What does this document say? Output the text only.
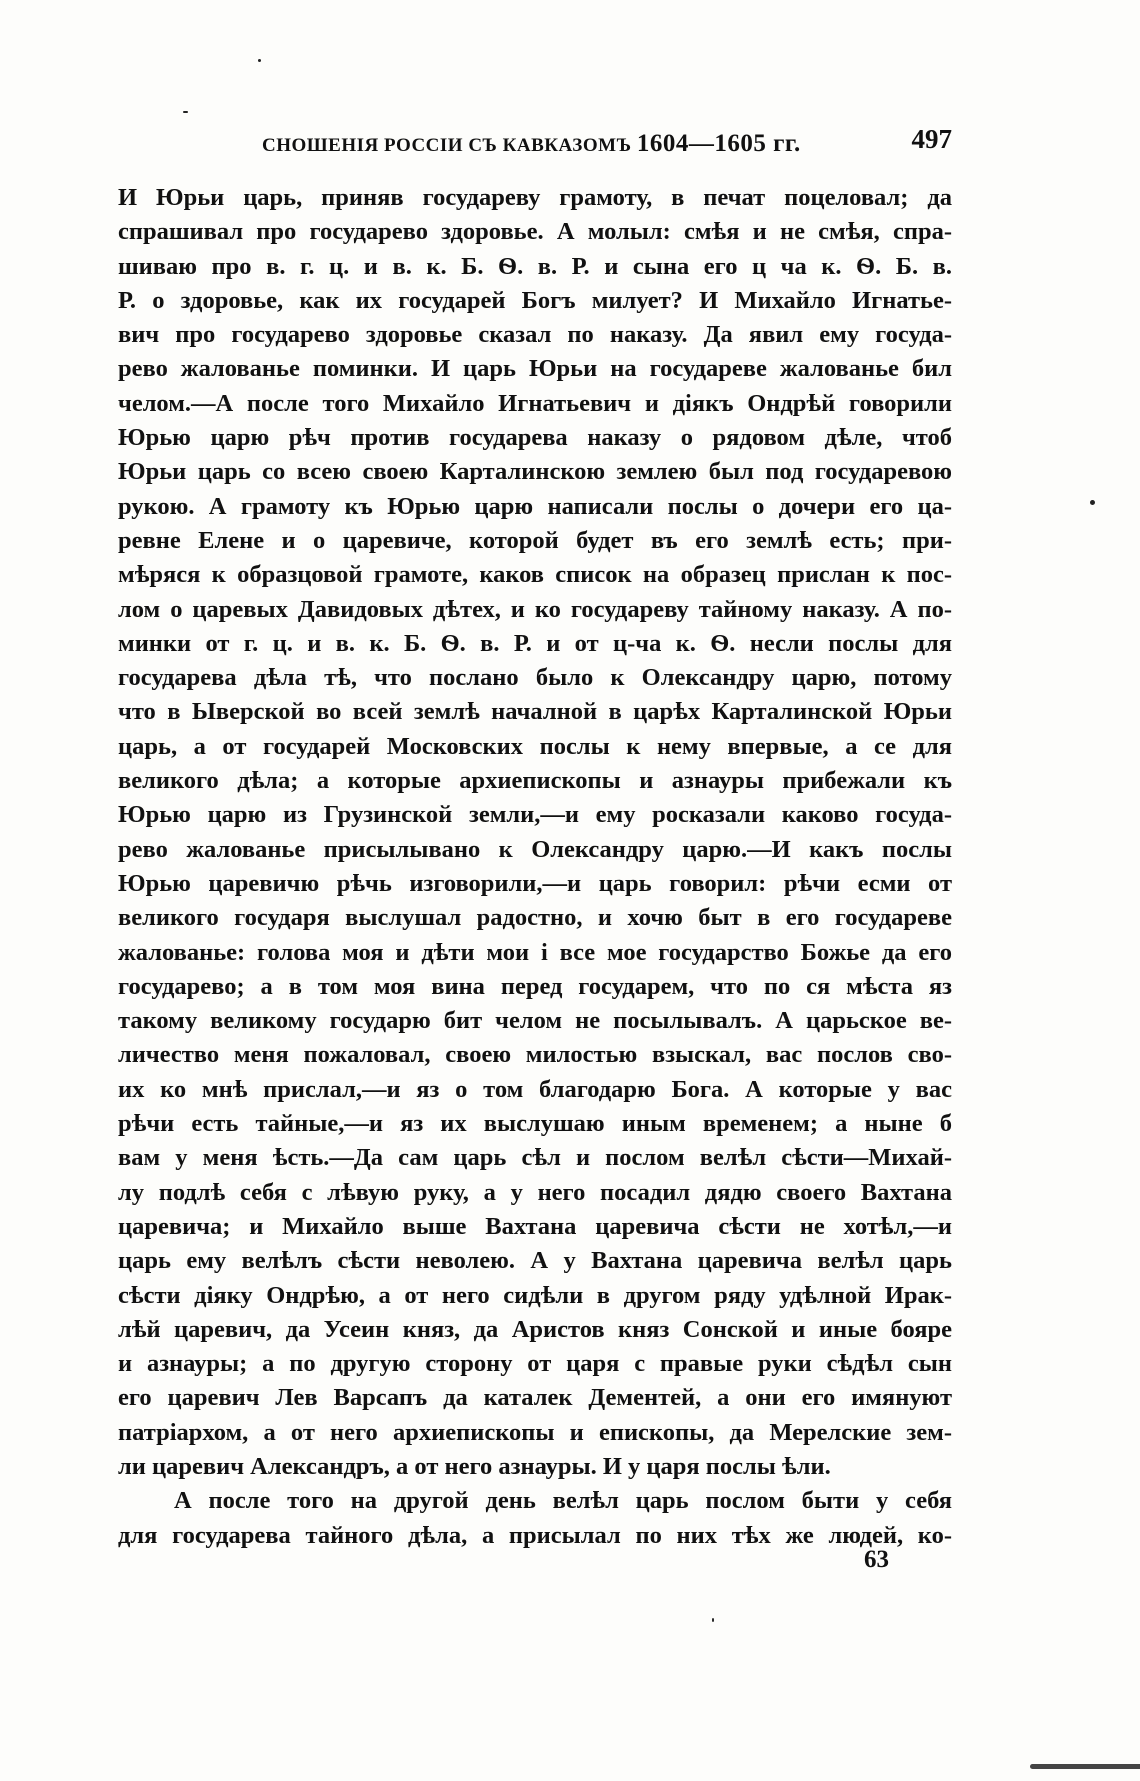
СНОШЕНІЯ РОССІИ СЪ КАВКАЗОМЪ 1604—1605 гг.	497
И Юрьи царь, приняв государеву грамоту, в печат поцеловал; да
спрашивал про государево здоровье. А молыл: смѣя и не смѣя, спра-
шиваю про в. г. ц. и в. к. Б. Ѳ. в. Р. и сына его ц ча к. Ѳ. Б. в.
Р. о здоровье, как их государей Богъ милует? И Михайло Игнатье-
вич про государево здоровье сказал по наказу. Да явил ему госуда-
рево жалованье поминки. И царь Юрьи на государеве жалованье бил
челом.—А после того Михайло Игнатьевич и діякъ Ондрѣй говорили
Юрью царю рѣч против государева наказу о рядовом дѣле, чтоб
Юрьи царь со всею своею Карталинскою землею был под государевою
рукою. А грамоту къ Юрью царю написали послы о дочери его ца-
ревне Елене и о царевиче, которой будет въ его землѣ есть; при-
мѣряся к образцовой грамоте, каков список на образец прислан к пос-
лом о царевых Давидовых дѣтех, и ко государеву тайному наказу. А по-
минки от г. ц. и в. к. Б. Ѳ. в. Р. и от ц-ча к. Ѳ. несли послы для
государева дѣла тѣ, что послано было к Олександру царю, потому
что в Ыверской во всей землѣ началной в царѣх Карталинской Юрьи
царь, а от государей Московских послы к нему впервые, а се для
великого дѣла; а которые архиепископы и азнауры прибежали къ
Юрью царю из Грузинской земли,—и ему росказали каково госуда-
рево жалованье присылывано к Олександру царю.—И какъ послы
Юрью царевичю рѣчь изговорили,—и царь говорил: рѣчи есми от
великого государя выслушал радостно, и хочю быт в его государеве
жалованье: голова моя и дѣти мои і все мое государство Божье да его
государево; а в том моя вина перед государем, что по ся мѣста яз
такому великому государю бит челом не посылывалъ. А царьское ве-
личество меня пожаловал, своею милостью взыскал, вас послов сво-
их ко мнѣ прислал,—и яз о том благодарю Бога. А которые у вас
рѣчи есть тайные,—и яз их выслушаю иным временем; а ныне б
вам у меня ѣсть.—Да сам царь сѣл и послом велѣл сѣсти—Михай-
лу подлѣ себя с лѣвую руку, а у него посадил дядю своего Вахтана
царевича; и Михайло выше Вахтана царевича сѣсти не хотѣл,—и
царь ему велѣлъ сѣсти неволею. А у Вахтана царевича велѣл царь
сѣсти діяку Ондрѣю, а от него сидѣли в другом ряду удѣлной Ирак-
лѣй царевич, да Усеин княз, да Аристов княз Сонской и иные бояре
и азнауры; а по другую сторону от царя с правые руки сѣдѣл сын
его царевич Лев Варсапъ да каталек Дементей, а они его имянуют
патріархом, а от него архиепископы и епископы, да Мерелские зем-
ли царевич Александръ, а от него азнауры. И у царя послы ѣли.
А после того на другой день велѣл царь послом быти у себя
для государева тайного дѣла, а присылал по них тѣх же людей, ко-
63
